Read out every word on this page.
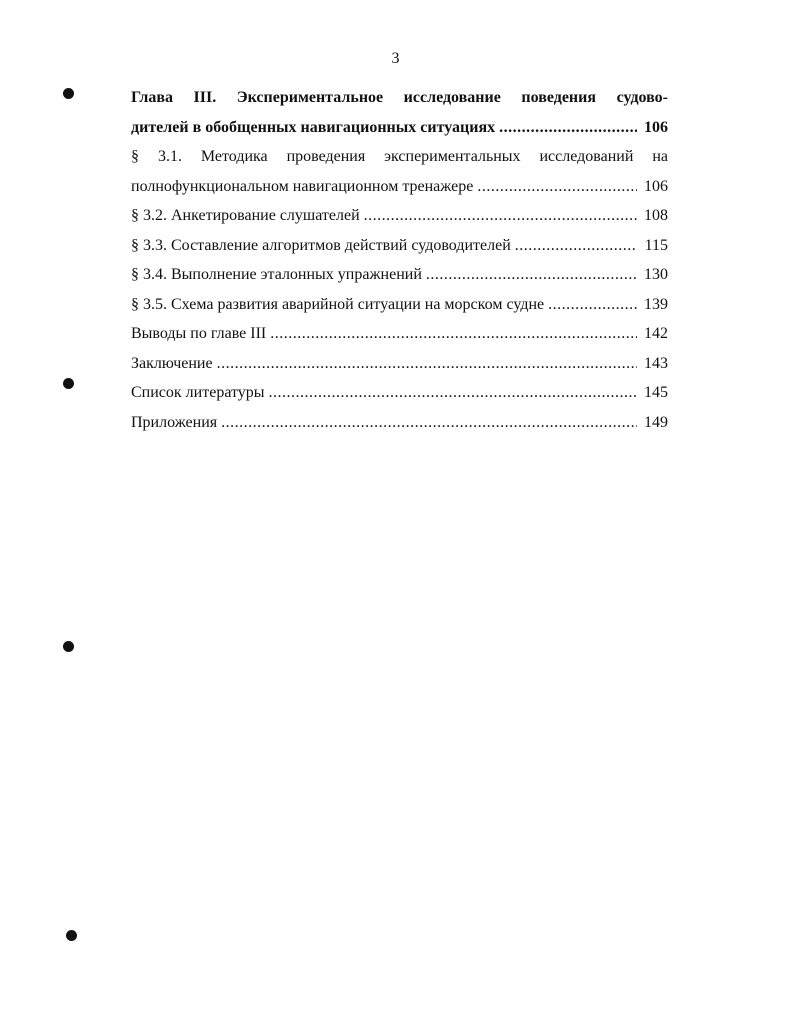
3
Глава III. Экспериментальное исследование поведения судово-
дителей в обобщенных навигационных ситуациях .....	106
§ 3.1. Методика проведения экспериментальных исследований на
полнофункциональном навигационном тренажере .....	106
§ 3.2. Анкетирование слушателей .....	108
§ 3.3. Составление алгоритмов действий судоводителей .....	115
§ 3.4. Выполнение эталонных упражнений .....	130
§ 3.5. Схема развития аварийной ситуации на морском судне .....	139
Выводы по главе III .....	142
Заключение .....	143
Список литературы .....	145
Приложения .....	149
